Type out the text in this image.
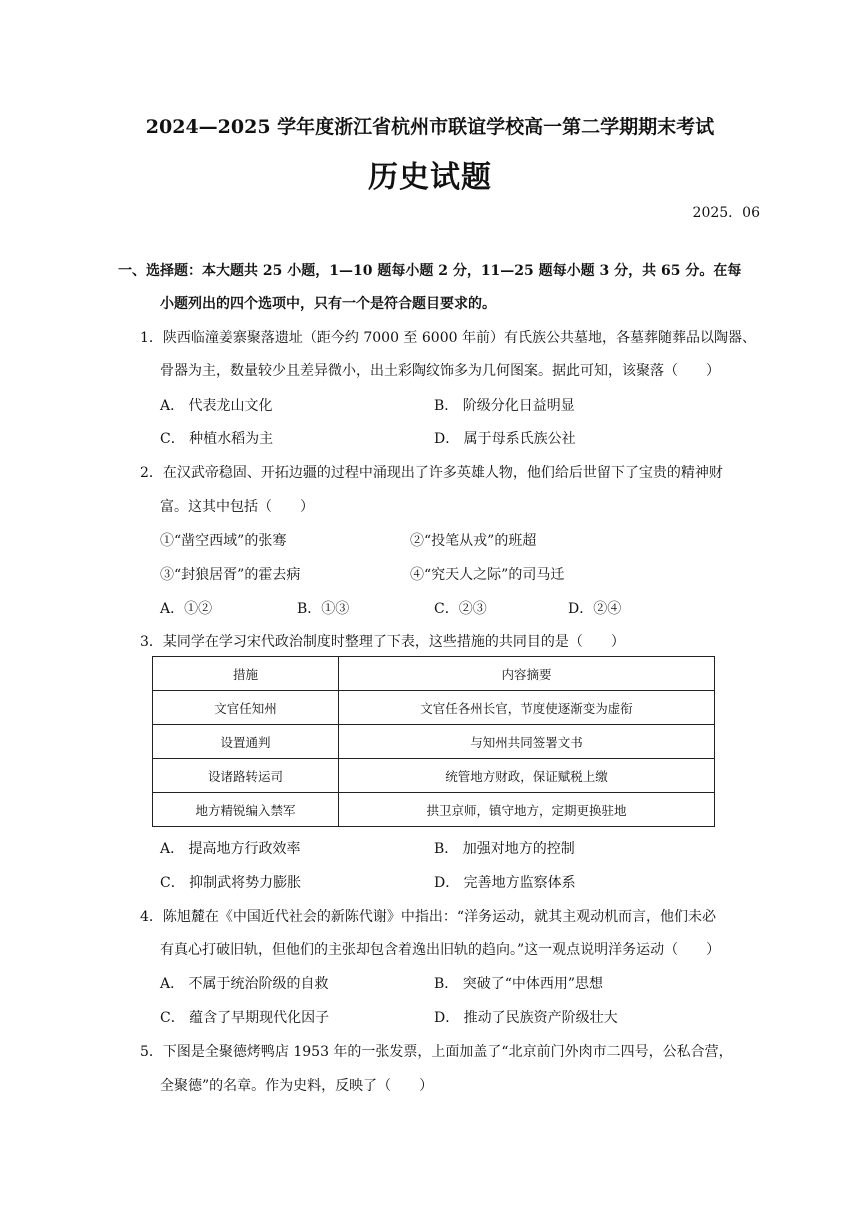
2024—2025 学年度浙江省杭州市联谊学校高一第二学期期末考试
历史试题
2025．06
一、选择题：本大题共 25 小题，1—10 题每小题 2 分，11—25 题每小题 3 分，共 65 分。在每
小题列出的四个选项中，只有一个是符合题目要求的。
1．陕西临潼姜寨聚落遗址（距今约 7000 至 6000 年前）有氏族公共墓地，各墓葬随葬品以陶器、
骨器为主，数量较少且差异微小，出土彩陶纹饰多为几何图案。据此可知，该聚落（　　）
A． 代表龙山文化	B． 阶级分化日益明显
C． 种植水稻为主	D． 属于母系氏族公社
2．在汉武帝稳固、开拓边疆的过程中涌现出了许多英雄人物，他们给后世留下了宝贵的精神财
富。这其中包括（　　）
①“凿空西域”的张骞	②“投笔从戎”的班超
③“封狼居胥”的霍去病	④“究天人之际”的司马迁
A．①②	B．①③	C．②③	D．②④
3．某同学在学习宋代政治制度时整理了下表，这些措施的共同目的是（　　）
措施	内容摘要
文官任知州	文官任各州长官，节度使逐渐变为虚衔
设置通判	与知州共同签署文书
设诸路转运司	统管地方财政，保证赋税上缴
地方精锐编入禁军	拱卫京师，镇守地方，定期更换驻地
A． 提高地方行政效率	B． 加强对地方的控制
C． 抑制武将势力膨胀	D． 完善地方监察体系
4．陈旭麓在《中国近代社会的新陈代谢》中指出：“洋务运动，就其主观动机而言，他们未必
有真心打破旧轨，但他们的主张却包含着逸出旧轨的趋向。”这一观点说明洋务运动（　　）
A． 不属于统治阶级的自救	B． 突破了“中体西用”思想
C． 蕴含了早期现代化因子	D． 推动了民族资产阶级壮大
5．下图是全聚德烤鸭店 1953 年的一张发票，上面加盖了“北京前门外肉市二四号，公私合营，
全聚德”的名章。作为史料，反映了（　　）
